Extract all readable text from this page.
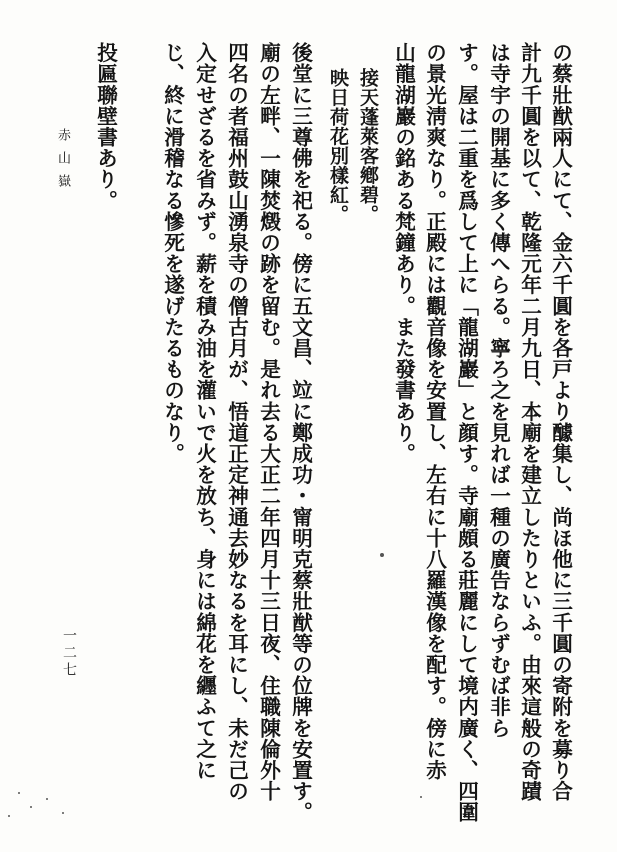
の蔡壯猷兩人にて、金六千圓を各戸より醵集し、尚ほ他に三千圓の寄附を募り合

計九千圓を以て、乾隆元年二月九日、本廟を建立したりといふ。由來這般の奇蹟

は寺宇の開基に多く傳へらる。寧ろ之を見れば一種の廣告ならずむば非ら

す。屋は二重を爲して上に「龍湖巖」と顔す。寺廟頗る莊麗にして境内廣く、四圍

の景光淸爽なり。正殿には觀音像を安置し、左右に十八羅漢像を配す。傍に赤

山龍湖巖の銘ある梵鐘あり。また發書あり。

接天蓬萊客鄕碧。

映日荷花別樣紅。

後堂に三尊佛を祀る。傍に五文昌、竝に鄭成功・甯明克蔡壯猷等の位牌を安置す。

廟の左畔、一陳焚燬の跡を留む。是れ去る大正二年四月十三日夜、住職陳倫外十

四名の者福州鼓山湧泉寺の僧古月が、悟道正定神通去妙なるを耳にし、未だ己の

入定せざるを省みず。薪を積み油を灌いで火を放ち、身には綿花を纒ふて之に

じ、終に滑稽なる慘死を遂げたるものなり。

投匾聯壁書あり。

赤山嶽

一二七
